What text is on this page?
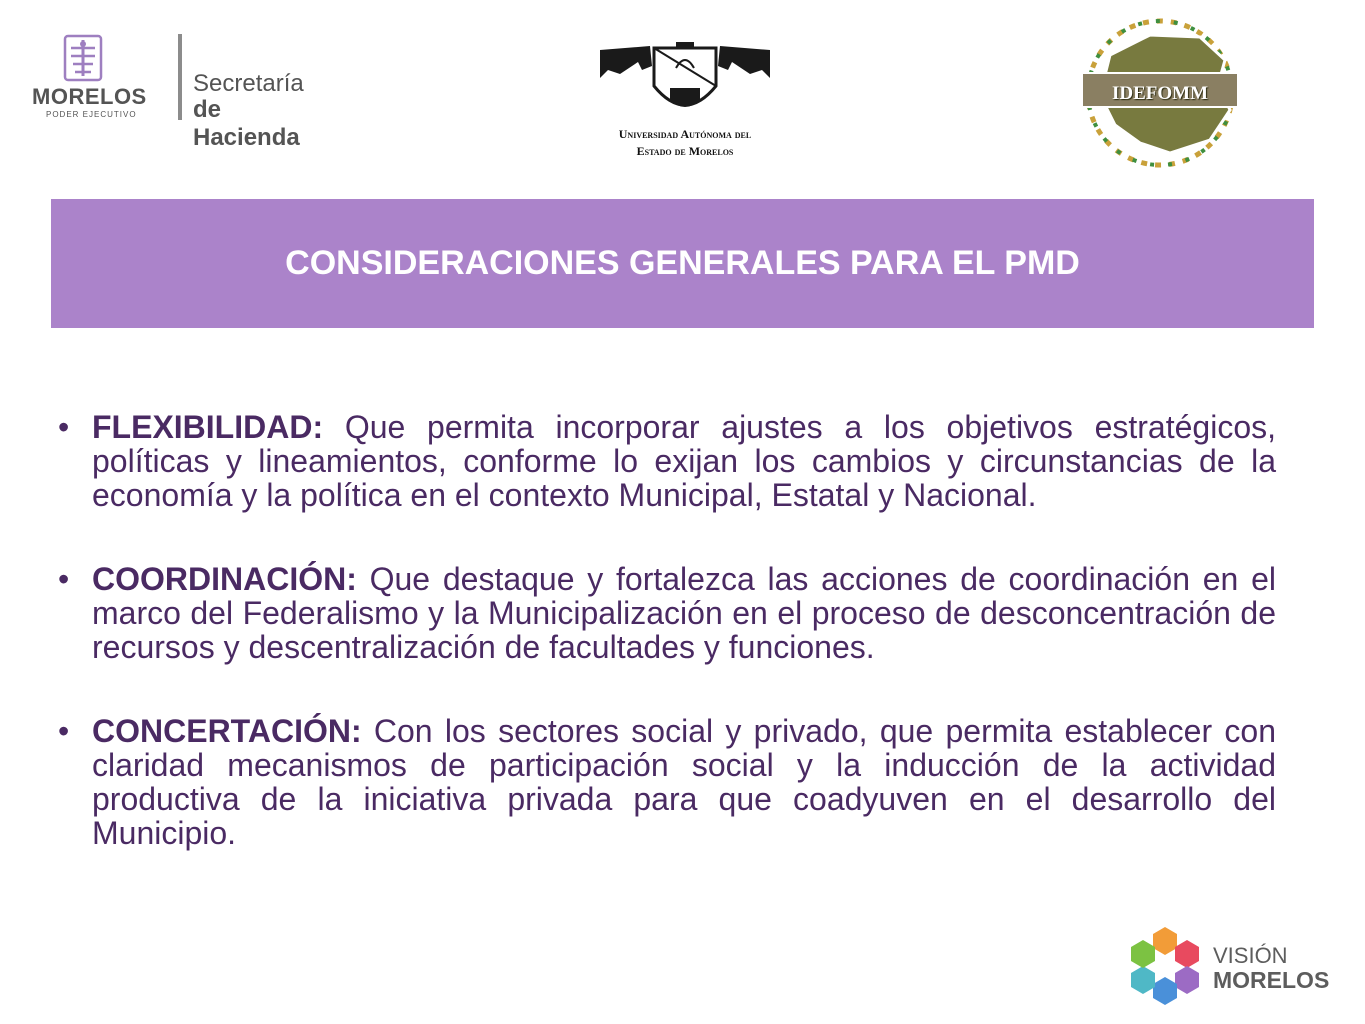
MORELOS
PODER EJECUTIVO
Secretaría
de Hacienda	Universidad Autónoma del
Estado de Morelos
IDEFOMM
CONSIDERACIONES GENERALES PARA EL PMD
• FLEXIBILIDAD: Que permita incorporar ajustes a los objetivos estratégicos, políticas y lineamientos, conforme lo exijan los cambios y circunstancias de la economía y la política en el contexto Municipal, Estatal y Nacional.
• COORDINACIÓN: Que destaque y fortalezca las acciones de coordinación en el marco del Federalismo y la Municipalización en el proceso de desconcentración de recursos y descentralización de facultades y funciones.
• CONCERTACIÓN: Con los sectores social y privado, que permita establecer con claridad mecanismos de participación social y la inducción de la actividad productiva de la iniciativa privada para que coadyuven en el desarrollo del Municipio.
VISIÓN
MORELOS
